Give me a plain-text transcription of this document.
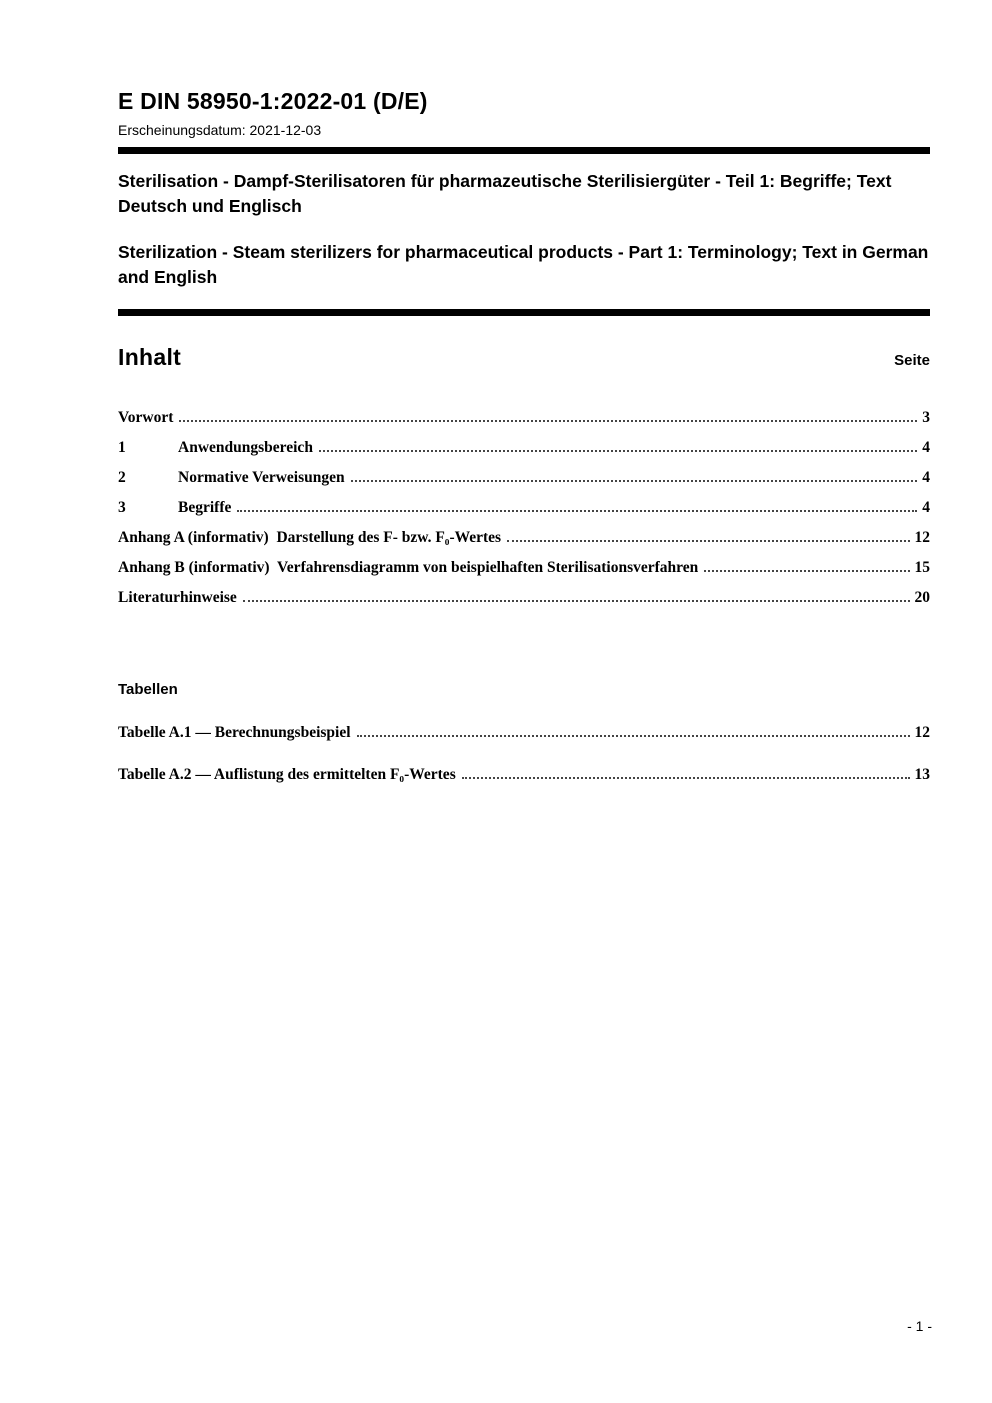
E DIN 58950-1:2022-01 (D/E)
Erscheinungsdatum: 2021-12-03
Sterilisation - Dampf-Sterilisatoren für pharmazeutische Sterilisiergüter - Teil 1: Begriffe; Text Deutsch und Englisch
Sterilization - Steam sterilizers for pharmaceutical products - Part 1: Terminology; Text in German and English
Inhalt	Seite
Vorwort	3
1	Anwendungsbereich	4
2	Normative Verweisungen	4
3	Begriffe	4
Anhang A (informativ)  Darstellung des F- bzw. F₀-Wertes	12
Anhang B (informativ)  Verfahrensdiagramm von beispielhaften Sterilisationsverfahren	15
Literaturhinweise	20
Tabellen
Tabelle A.1 — Berechnungsbeispiel	12
Tabelle A.2 — Auflistung des ermittelten F₀-Wertes	13
- 1 -
